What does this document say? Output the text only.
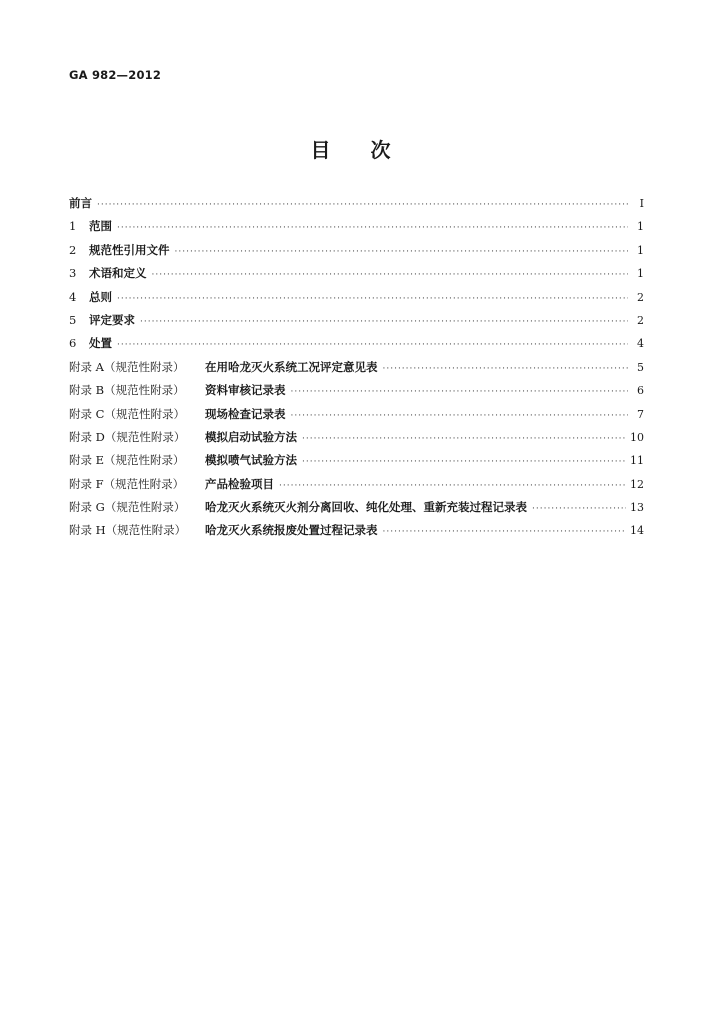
GA 982—2012
目次
前言 ·····	I
1	范围 ·····	1
2	规范性引用文件 ·····	1
3	术语和定义 ·····	1
4	总则 ·····	2
5	评定要求 ·····	2
6	处置 ·····	4
附录 A（规范性附录）	在用哈龙灭火系统工况评定意见表 ·····	5
附录 B（规范性附录）	资料审核记录表 ·····	6
附录 C（规范性附录）	现场检查记录表 ·····	7
附录 D（规范性附录）	模拟启动试验方法 ·····	10
附录 E（规范性附录）	模拟喷气试验方法 ·····	11
附录 F（规范性附录）	产品检验项目 ·····	12
附录 G（规范性附录）	哈龙灭火系统灭火剂分离回收、纯化处理、重新充装过程记录表 ·····	13
附录 H（规范性附录）	哈龙灭火系统报废处置过程记录表 ·····	14
